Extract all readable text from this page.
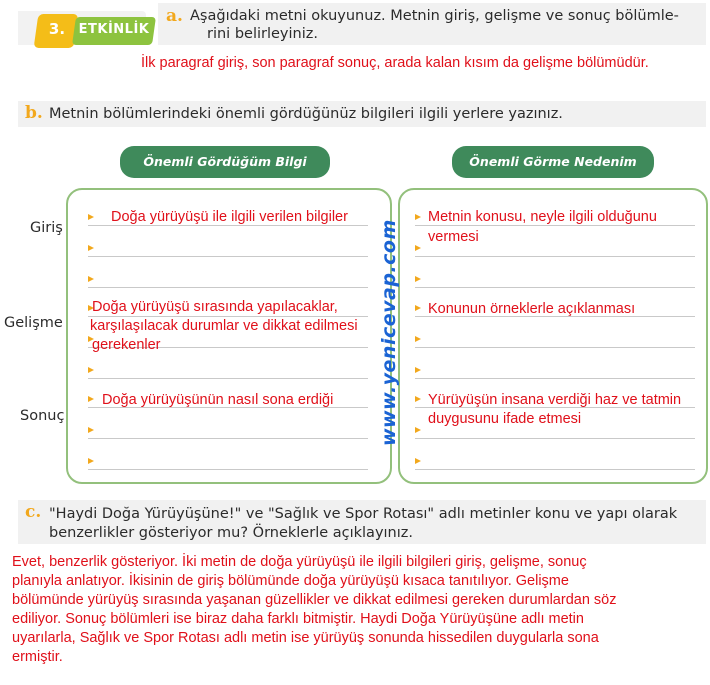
3.	ETKİNLİK
a. Aşağıdaki metni okuyunuz. Metnin giriş, gelişme ve sonuç bölümle-
rini belirleyiniz.
İlk paragraf giriş, son paragraf sonuç, arada kalan kısım da gelişme bölümüdür.
b. Metnin bölümlerindeki önemli gördüğünüz bilgileri ilgili yerlere yazınız.
Önemli Gördüğüm Bilgi	Önemli Görme Nedenim
Giriş
Gelişme
Sonuç
Doğa yürüyüşü ile ilgili verilen bilgiler
Doğa yürüyüşü sırasında yapılacaklar,
karşılaşılacak durumlar ve dikkat edilmesi
gerekenler
Doğa yürüyüşünün nasıl sona erdiği
Metnin konusu, neyle ilgili olduğunu
vermesi
Konunun örneklerle açıklanması
Yürüyüşün insana verdiği haz ve tatmin
duygusunu ifade etmesi
www.yenicevap.com
c. "Haydi Doğa Yürüyüşüne!" ve "Sağlık ve Spor Rotası" adlı metinler konu ve yapı olarak
benzerlikler gösteriyor mu? Örneklerle açıklayınız.
Evet, benzerlik gösteriyor. İki metin de doğa yürüyüşü ile ilgili bilgileri giriş, gelişme, sonuç
planıyla anlatıyor. İkisinin de giriş bölümünde doğa yürüyüşü kısaca tanıtılıyor. Gelişme
bölümünde yürüyüş sırasında yaşanan güzellikler ve dikkat edilmesi gereken durumlardan söz
ediliyor. Sonuç bölümleri ise biraz daha farklı bitmiştir. Haydi Doğa Yürüyüşüne adlı metin
uyarılarla, Sağlık ve Spor Rotası adlı metin ise yürüyüş sonunda hissedilen duygularla sona
ermiştir.
